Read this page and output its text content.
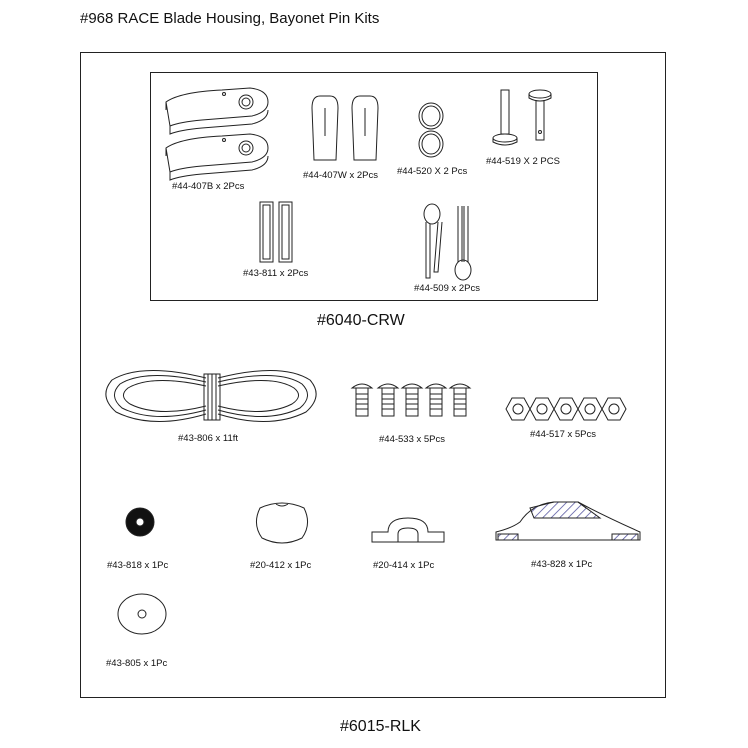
#968 RACE Blade Housing, Bayonet Pin Kits
#6040-CRW
#6015-RLK
#44-407B x 2Pcs
#44-407W x 2Pcs #44-520 X 2 Pcs
#44-519 X 2 PCS
#43-811 x 2Pcs
#44-509 x 2Pcs
#43-806 x 11ft	#44-533 x 5Pcs	#44-517 x 5Pcs
#43-818 x 1Pc	#20-412 x 1Pc	#20-414 x 1Pc	#43-828 x 1Pc
#43-805 x 1Pc
